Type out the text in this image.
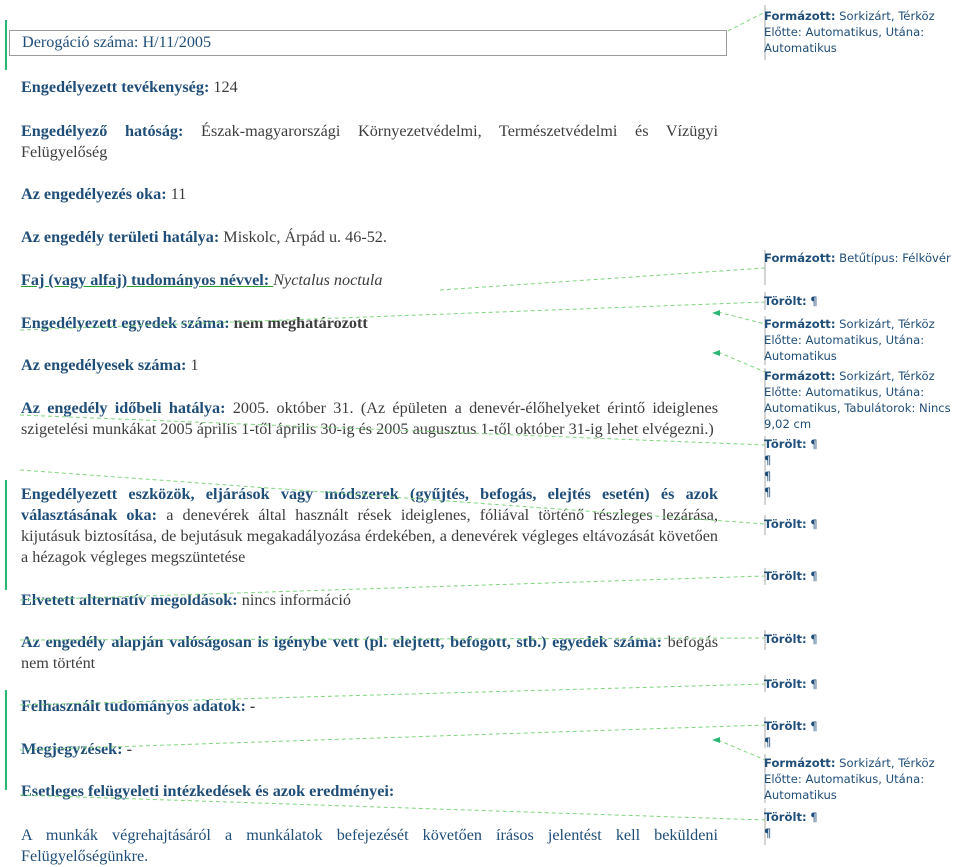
Derogáció száma: H/11/2005
Engedélyezett tevékenység: 124
Engedélyező hatóság: Észak-magyarországi Környezetvédelmi, Természetvédelmi és Vízügyi Felügyelőség
Az engedélyezés oka: 11
Az engedély területi hatálya: Miskolc, Árpád u. 46-52.
Faj (vagy alfaj) tudományos névvel: Nyctalus noctula
Engedélyezett egyedek száma: nem meghatározott
Az engedélyesek száma: 1
Az engedély időbeli hatálya: 2005. október 31. (Az épületen a denevér-élőhelyeket érintő ideiglenes szigetelési munkákat 2005 április 1-től április 30-ig és 2005 augusztus 1-től október 31-ig lehet elvégezni.)
Engedélyezett eszközök, eljárások vagy módszerek (gyűjtés, befogás, elejtés esetén) és azok választásának oka: a denevérek által használt rések ideiglenes, fóliával történő részleges lezárása, kijutásuk biztosítása, de bejutásuk megakadályozása érdekében, a denevérek végleges eltávozását követően a hézagok végleges megszüntetése
Elvetett alternatív megoldások: nincs információ
Az engedély alapján valóságosan is igénybe vett (pl. elejtett, befogott, stb.) egyedek száma: befogás nem történt
Felhasznált tudományos adatok: -
Megjegyzések: -
Esetleges felügyeleti intézkedések és azok eredményei:
A munkák végrehajtásáról a munkálatok befejezését követően írásos jelentést kell beküldeni Felügyelőségünkre.
Formázott: Sorkizárt, Térköz Előtte: Automatikus, Utána: Automatikus
Formázott: Betűtípus: Félkövér
Törölt: ¶
Formázott: Sorkizárt, Térköz Előtte: Automatikus, Utána: Automatikus
Formázott: Sorkizárt, Térköz Előtte: Automatikus, Utána: Automatikus, Tabulátorok: Nincs 9,02 cm
Törölt: ¶
¶
¶
¶
Törölt: ¶
Törölt: ¶
Törölt: ¶
Törölt: ¶
Törölt: ¶
¶
Formázott: Sorkizárt, Térköz Előtte: Automatikus, Utána: Automatikus
Törölt: ¶
¶
